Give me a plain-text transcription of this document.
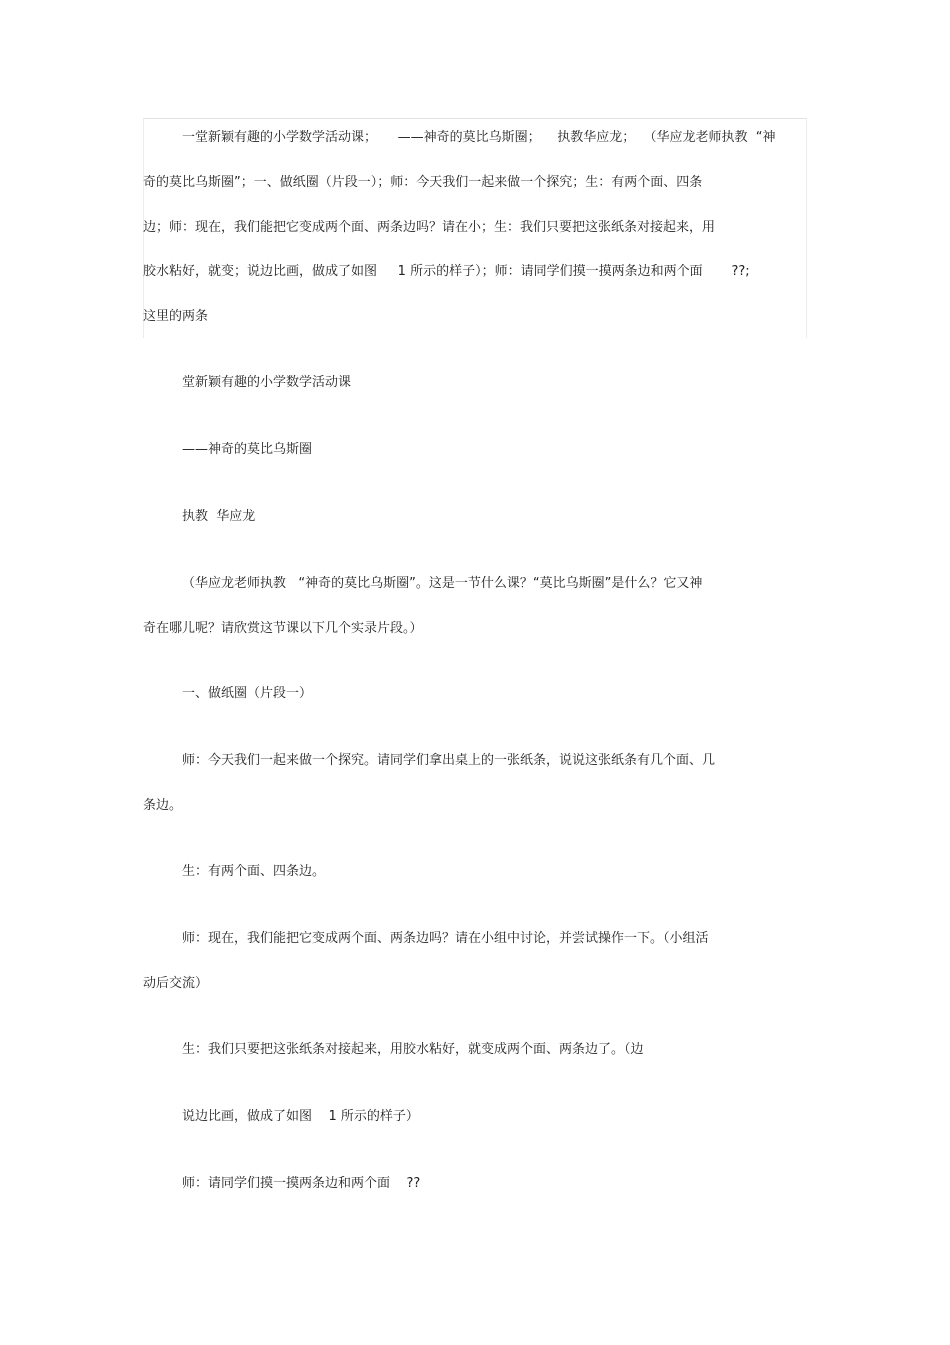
一堂新颖有趣的小学数学活动课；     ——神奇的莫比乌斯圈；    执教华应龙；  （华应龙老师执教  “神
奇的莫比乌斯圈”；一、做纸圈（片段一）；师：今天我们一起来做一个探究；生：有两个面、四条
边；师：现在，我们能把它变成两个面、两条边吗？请在小；生：我们只要把这张纸条对接起来，用
胶水粘好，就变；说边比画，做成了如图     1 所示的样子）；师：请同学们摸一摸两条边和两个面       ??;
这里的两条
堂新颖有趣的小学数学活动课
——神奇的莫比乌斯圈
执教  华应龙
（华应龙老师执教   “神奇的莫比乌斯圈”。这是一节什么课？“莫比乌斯圈”是什么？它又神
奇在哪儿呢？请欣赏这节课以下几个实录片段。）
一、做纸圈（片段一）
师：今天我们一起来做一个探究。请同学们拿出桌上的一张纸条，说说这张纸条有几个面、几
条边。
生：有两个面、四条边。
师：现在，我们能把它变成两个面、两条边吗？请在小组中讨论，并尝试操作一下。（小组活
动后交流）
生：我们只要把这张纸条对接起来，用胶水粘好，就变成两个面、两条边了。（边
说边比画，做成了如图    1 所示的样子）
师：请同学们摸一摸两条边和两个面    ??
